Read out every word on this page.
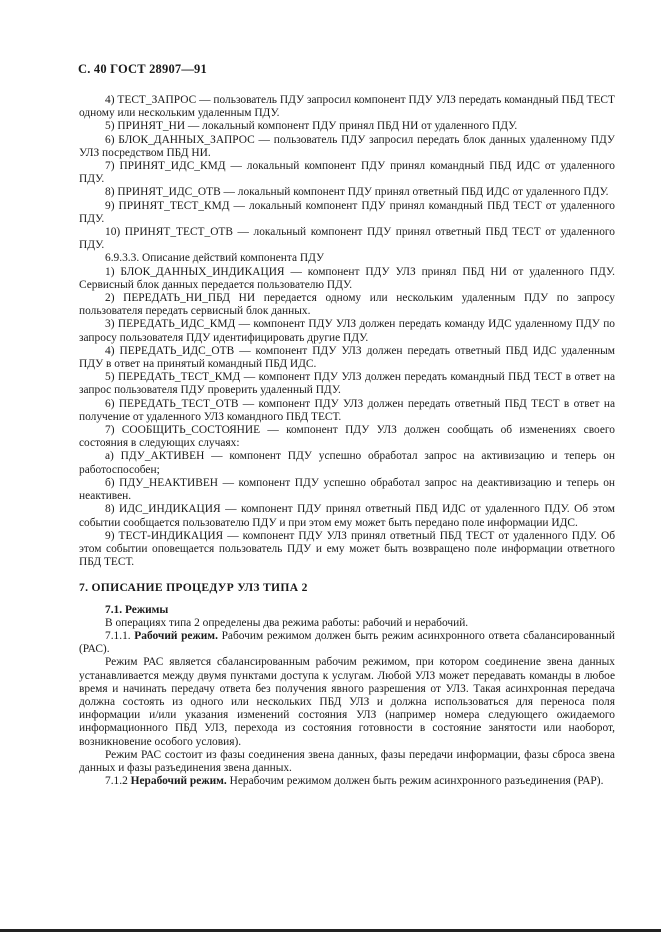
С. 40 ГОСТ 28907—91

4) ТЕСТ_ЗАПРОС — пользователь ПДУ запросил компонент ПДУ УЛЗ передать командный ПБД ТЕСТ одному или нескольким удаленным ПДУ.

5) ПРИНЯТ_НИ — локальный компонент ПДУ принял ПБД НИ от удаленного ПДУ.

6) БЛОК_ДАННЫХ_ЗАПРОС — пользователь ПДУ запросил передать блок данных удаленному ПДУ УЛЗ посредством ПБД НИ.

7) ПРИНЯТ_ИДС_КМД — локальный компонент ПДУ принял командный ПБД ИДС от удаленного ПДУ.

8) ПРИНЯТ_ИДС_ОТВ — локальный компонент ПДУ принял ответный ПБД ИДС от удаленного ПДУ.

9) ПРИНЯТ_ТЕСТ_КМД — локальный компонент ПДУ принял командный ПБД ТЕСТ от удаленного ПДУ.

10) ПРИНЯТ_ТЕСТ_ОТВ — локальный компонент ПДУ принял ответный ПБД ТЕСТ от удаленного ПДУ.

6.9.3.3. Описание действий компонента ПДУ

1) БЛОК_ДАННЫХ_ИНДИКАЦИЯ — компонент ПДУ УЛЗ принял ПБД НИ от удаленного ПДУ. Сервисный блок данных передается пользователю ПДУ.

2) ПЕРЕДАТЬ_НИ_ПБД НИ передается одному или нескольким удаленным ПДУ по запросу пользователя передать сервисный блок данных.

3) ПЕРЕДАТЬ_ИДС_КМД — компонент ПДУ УЛЗ должен передать команду ИДС удаленному ПДУ по запросу пользователя ПДУ идентифицировать другие ПДУ.

4) ПЕРЕДАТЬ_ИДС_ОТВ — компонент ПДУ УЛЗ должен передать ответный ПБД ИДС удаленным ПДУ в ответ на принятый командный ПБД ИДС.

5) ПЕРЕДАТЬ_ТЕСТ_КМД — компонент ПДУ УЛЗ должен передать командный ПБД ТЕСТ в ответ на запрос пользователя ПДУ проверить удаленный ПДУ.

6) ПЕРЕДАТЬ_ТЕСТ_ОТВ — компонент ПДУ УЛЗ должен передать ответный ПБД ТЕСТ в ответ на получение от удаленного УЛЗ командного ПБД ТЕСТ.

7) СООБЩИТЬ_СОСТОЯНИЕ — компонент ПДУ УЛЗ должен сообщать об изменениях своего состояния в следующих случаях:

а) ПДУ_АКТИВЕН — компонент ПДУ успешно обработал запрос на активизацию и теперь он работоспособен;

б) ПДУ_НЕАКТИВЕН — компонент ПДУ успешно обработал запрос на деактивизацию и теперь он неактивен.

8) ИДС_ИНДИКАЦИЯ — компонент ПДУ принял ответный ПБД ИДС от удаленного ПДУ. Об этом событии сообщается пользователю ПДУ и при этом ему может быть передано поле информации ИДС.

9) ТЕСТ-ИНДИКАЦИЯ — компонент ПДУ УЛЗ принял ответный ПБД ТЕСТ от удаленного ПДУ. Об этом событии оповещается пользователь ПДУ и ему может быть возвращено поле информации ответного ПБД ТЕСТ.

7. ОПИСАНИЕ ПРОЦЕДУР УЛЗ ТИПА 2

7.1. Режимы

В операциях типа 2 определены два режима работы: рабочий и нерабочий.

7.1.1. Рабочий режим. Рабочим режимом должен быть режим асинхронного ответа сбалансированный (РАС).

Режим РАС является сбалансированным рабочим режимом, при котором соединение звена данных устанавливается между двумя пунктами доступа к услугам. Любой УЛЗ может передавать команды в любое время и начинать передачу ответа без получения явного разрешения от УЛЗ. Такая асинхронная передача должна состоять из одного или нескольких ПБД УЛЗ и должна использоваться для переноса поля информации и/или указания изменений состояния УЛЗ (например номера следующего ожидаемого информационного ПБД УЛЗ, перехода из состояния готовности в состояние занятости или наоборот, возникновение особого условия).

Режим РАС состоит из фазы соединения звена данных, фазы передачи информации, фазы сброса звена данных и фазы разъединения звена данных.

7.1.2 Нерабочий режим. Нерабочим режимом должен быть режим асинхронного разъединения (РАР).
